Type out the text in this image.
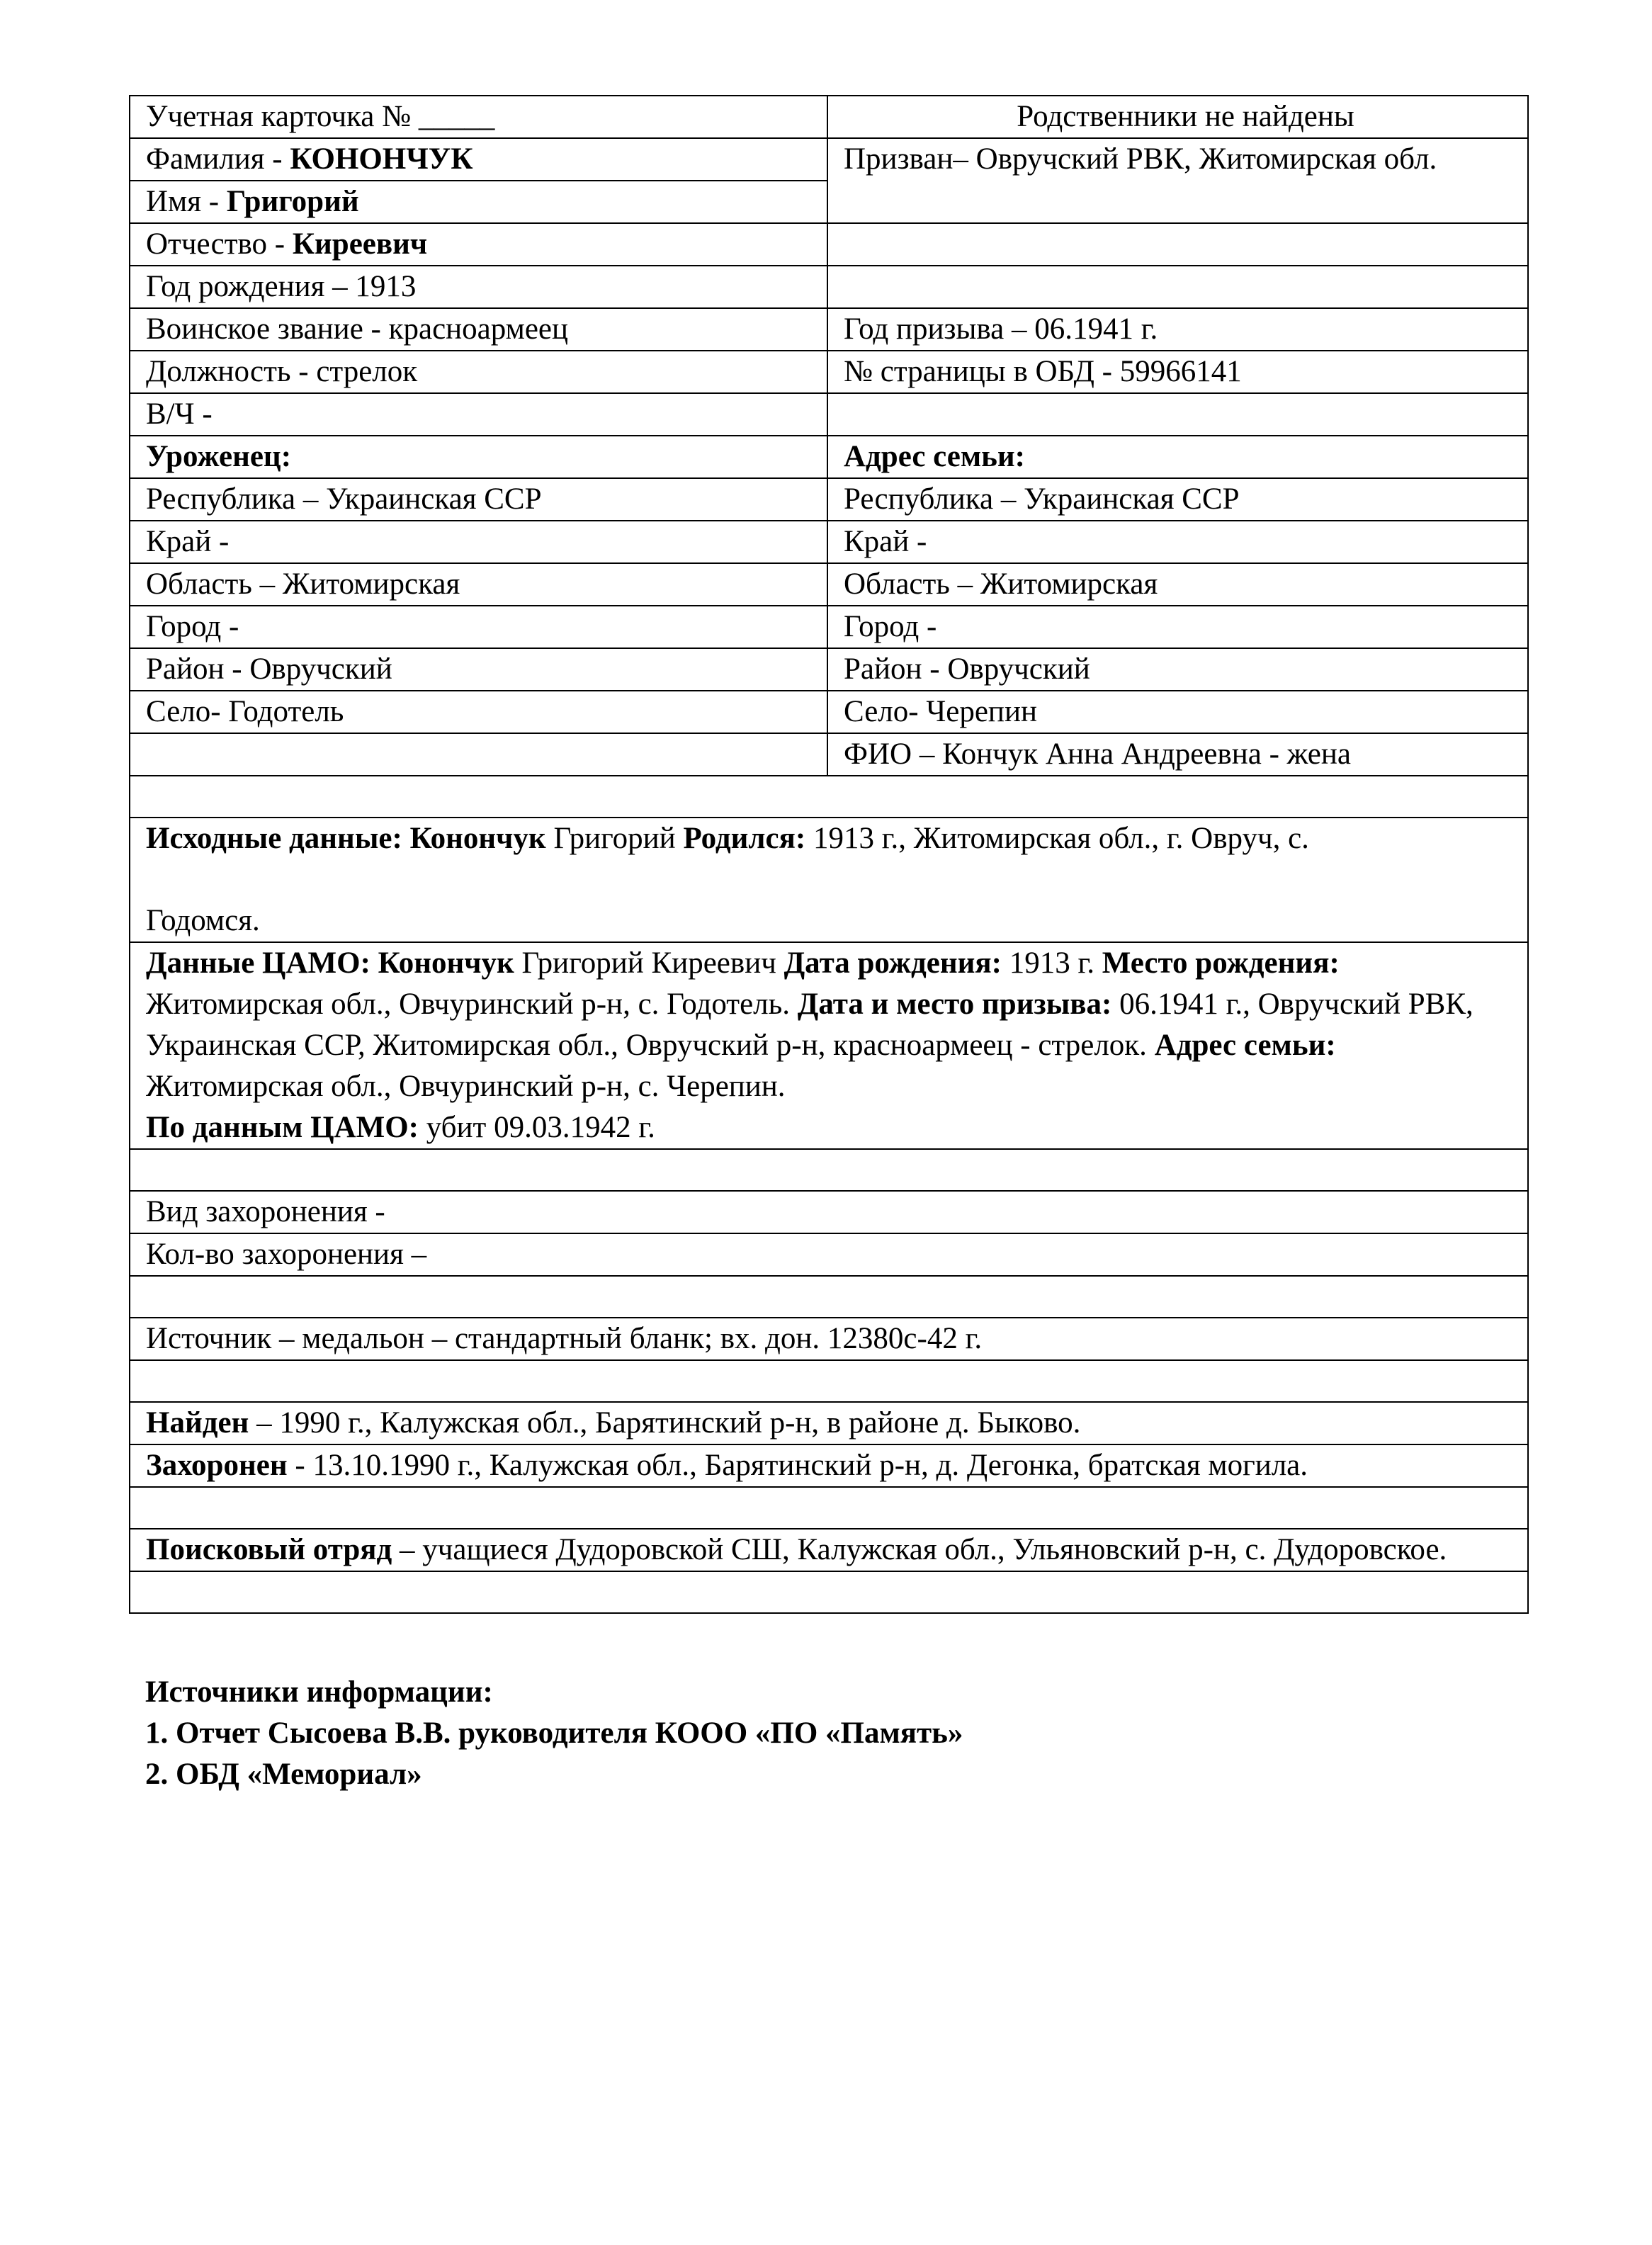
Учетная карточка № _____	Родственники не найдены
Фамилия - КОНОНЧУК	Призван– Овручский РВК, Житомирская обл.
Имя - Григорий	
Отчество - Киреевич	
Год рождения – 1913	
Воинское звание - красноармеец	Год призыва – 06.1941 г.
Должность - стрелок	№ страницы в ОБД - 59966141
В/Ч -	
Уроженец:	Адрес семьи:
Республика – Украинская ССР	Республика – Украинская ССР
Край -	Край -
Область – Житомирская	Область – Житомирская
Город -	Город -
Район - Овручский	Район - Овручский
Село- Годотель	Село- Черепин
	ФИО – Кончук Анна Андреевна - жена

Исходные данные: Конончук Григорий Родился: 1913 г., Житомирская обл., г. Овруч, с.
Годомся.	
Данные ЦАМО: Конончук Григорий Киреевич Дата рождения: 1913 г. Место рождения: Житомирская обл., Овчуринский р-н, с. Годотель. Дата и место призыва: 06.1941 г., Овручский РВК, Украинская ССР, Житомирская обл., Овручский р-н, красноармеец - стрелок. Адрес семьи: Житомирская обл., Овчуринский р-н, с. Черепин.
По данным ЦАМО: убит 09.03.1942 г.	

Вид захоронения -	
Кол-во захоронения –	

Источник – медальон – стандартный бланк; вх. дон. 12380с-42 г.	

Найден – 1990 г., Калужская обл., Барятинский р-н, в районе д. Быково.	
Захоронен - 13.10.1990 г., Калужская обл., Барятинский р-н, д. Дегонка, братская могила.	

Поисковый отряд – учащиеся Дудоровской СШ, Калужская обл., Ульяновский р-н, с. Дудоровское.	

Источники информации:
1. Отчет Сысоева В.В. руководителя КООО «ПО «Память»
2. ОБД «Мемориал»
